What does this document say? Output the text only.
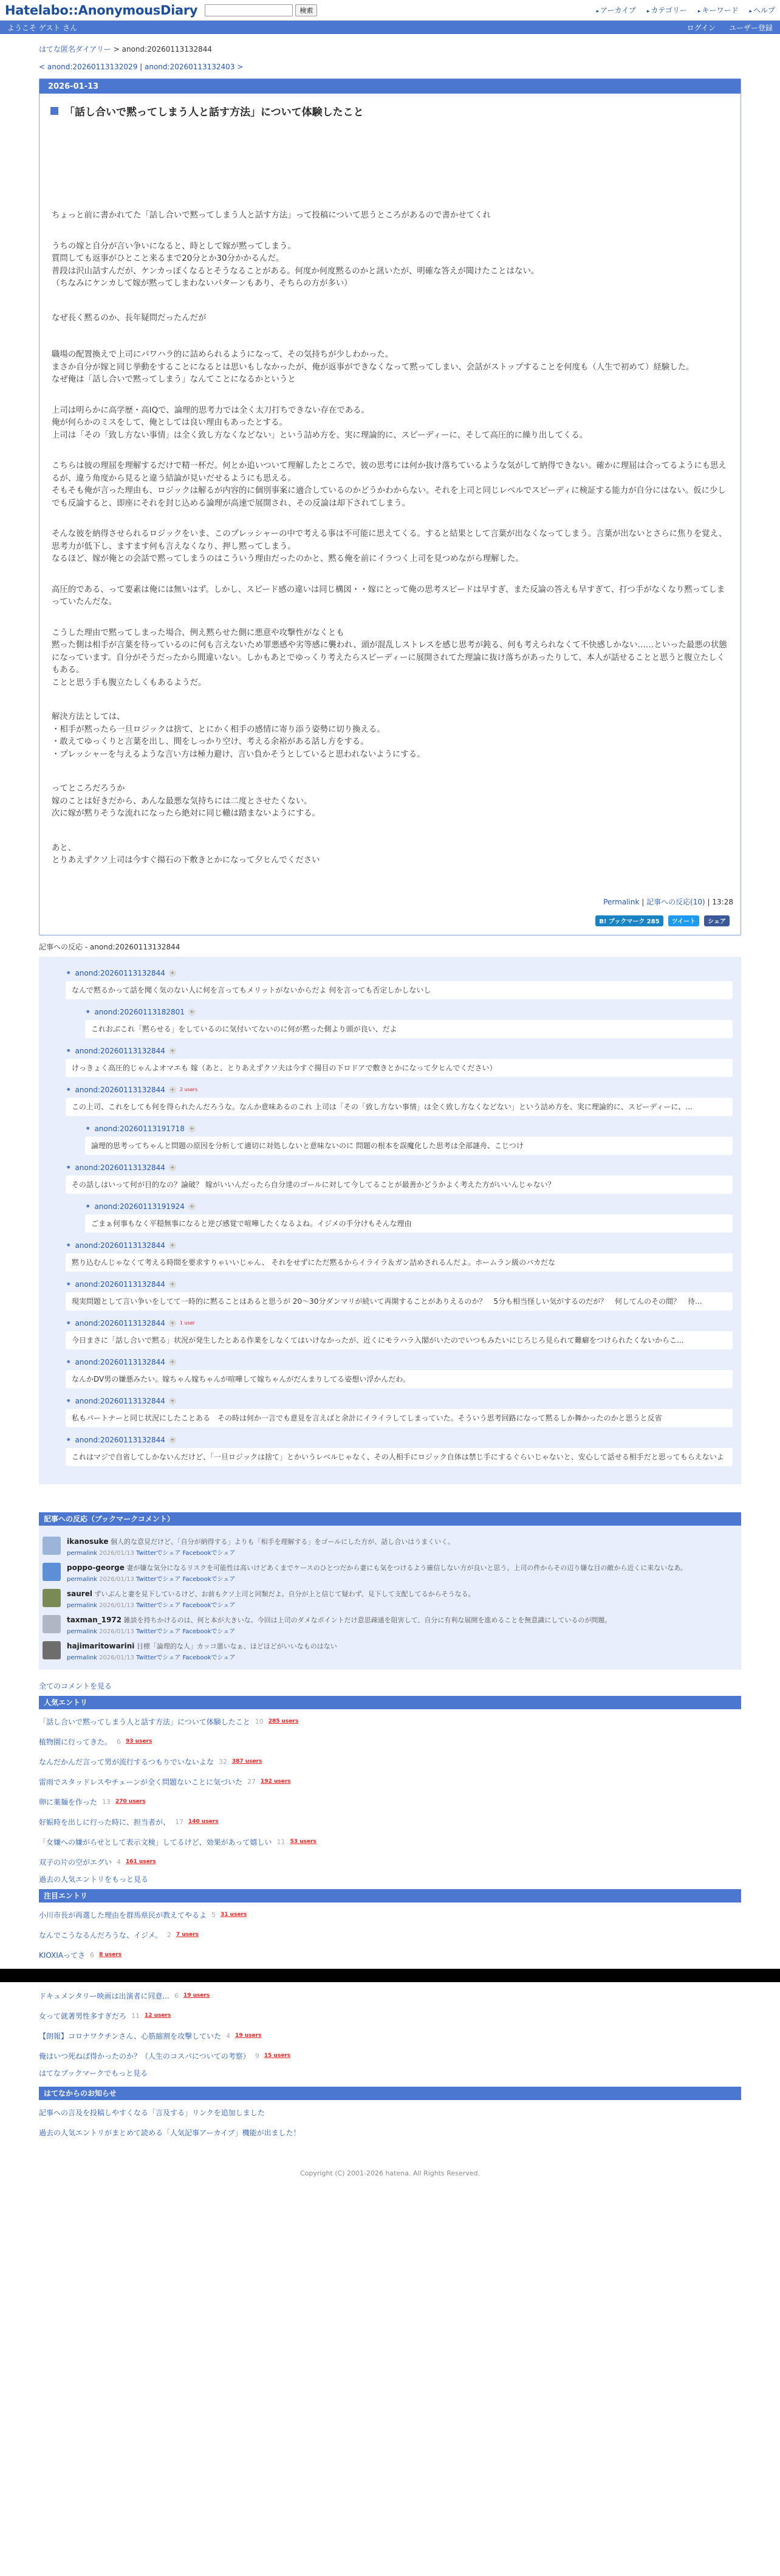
Hatelabo::AnonymousDiary	検索	▸ アーカイブ ▸ カテゴリー ▸ キーワード ▸ ヘルプ
ようこそ ゲスト さん	ログイン ユーザー登録
はてな匿名ダイアリー > anond:20260113132844
< anond:20260113132029 | anond:20260113132403 >
2026-01-13
「話し合いで黙ってしまう人と話す方法」について体験したこと

ちょっと前に書かれてた「話し合いで黙ってしまう人と話す方法」って投稿について思うところがあるので書かせてくれ

うちの嫁と自分が言い争いになると、時として嫁が黙ってしまう。
質問しても返事がひとこと来るまで20分とか30分かかるんだ。
普段は沢山話すんだが、ケンカっぽくなるとそうなることがある。何度か何度黙るのかと訊いたが、明確な答えが聞けたことはない。
（ちなみにケンカして嫁が黙ってしまわないパターンもあり、そちらの方が多い）

なぜ長く黙るのか、長年疑問だったんだが

職場の配置換えで上司にパワハラ的に詰められるようになって、その気持ちが少しわかった。
まさか自分が嫁と同じ挙動をすることになるとは思いもしなかったが、俺が返事ができなくなって黙ってしまい、会話がストップすることを何度も（人生で初めて）経験した。
なぜ俺は「話し合いで黙ってしまう」なんてことになるかというと

上司は明らかに高学歴・高IQで、論理的思考力では全く太刀打ちできない存在である。
俺が何らかのミスをして、俺としては良い理由もあったとする。
上司は「その「致し方ない事情」は全く致し方なくなどない」という詰め方を、実に理論的に、スピーディーに、そして高圧的に繰り出してくる。

こちらは彼の理屈を理解するだけで精一杯だ。何とか追いついて理解したところで、彼の思考には何か抜け落ちているような気がして納得できない。確かに理屈は合ってるようにも思えるが、違う角度から見ると違う結論が見いだせるようにも思える。
そもそも俺が言った理由も、ロジックは解るが内容的に個別事案に適合しているのかどうかわからない。それを上司と同じレベルでスピーディに検証する能力が自分にはない。仮に少しでも反論すると、即座にそれを封じ込める論理が高速で展開され、その反論は却下されてしまう。

そんな彼を納得させられるロジックをいま、このプレッシャーの中で考える事は不可能に思えてくる。すると結果として言葉が出なくなってしまう。言葉が出ないとさらに焦りを覚え、思考力が低下し、ますます何も言えなくなり、押し黙ってしまう。
なるほど、嫁が俺との会話で黙ってしまうのはこういう理由だったのかと、黙る俺を前にイラつく上司を見つめながら理解した。

高圧的である、って要素は俺には無いはず。しかし、スピード感の違いは同じ構図・・嫁にとって俺の思考スピードは早すぎ、また反論の答えも早すぎて、打つ手がなくなり黙ってしまっていたんだな。

こうした理由で黙ってしまった場合、例え黙らせた側に悪意や攻撃性がなくとも
黙った側は相手が言葉を待っているのに何も言えないため罪悪感や劣等感に襲われ、頭が混乱しストレスを感じ思考が鈍る、何も考えられなくて不快感しかない……といった最悪の状態になっています。自分がそうだったから間違いない。しかもあとでゆっくり考えたらスピーディーに展開されてた理論に抜け落ちがあったりして、本人が話せることと思うと腹立たしくもある。
ことと思う手も腹立たしくもあるようだ。

解決方法としては、
・相手が黙ったら一旦ロジックは捨て、とにかく相手の感情に寄り添う姿勢に切り換える。
・敢えてゆっくりと言葉を出し、間をしっかり空け、考える余裕がある話し方をする。
・プレッシャーを与えるような言い方は極力避け、言い負かそうとしていると思われないようにする。

ってところだろうか
嫁のことは好きだから、あんな最悪な気持ちには二度とさせたくない。
次に嫁が黙りそうな流れになったら絶対に同じ轍は踏まないようにする。

あと、
とりあえずクソ上司は今すぐ揚石の下敷きとかになって夕ヒんでください

Permalink | 記事への反応(10) | 13:28
B! ブックマーク 285	ツイート	シェア
記事への反応 - anond:20260113132844
• anond:20260113132844	+
なんで黙るかって話を聞く気のない人に何を言ってもメリットがないからだよ 何を言っても否定しかしないし
• anond:20260113182801	+
これおぶこれ「黙らせる」をしているのに気付いてないのに何が黙った側より頭が良い、だよ
• anond:20260113132844	+
けっきょく高圧的じゃんよオマエも 嫁（あと、とりあえずクソ夫は今すぐ揚目の下ロドアで敷きとかになって夕ヒんでください）
• anond:20260113132844	+	2 users
この上司、これをしても何を得られたんだろうな。なんか意味あるのこれ 上司は「その「致し方ない事情」は全く致し方なくなどない」という詰め方を、実に理論的に、スピーディーに、...
• anond:20260113191718	+
論理的思考ってちゃんと問題の原因を分析して適切に対処しないと意味ないのに 問題の根本を誤魔化した思考は全部謎舟、こじつけ
• anond:20260113132844	+
その話しはいって何が目的なの？論破？ 嫁がいいんだったら自分達のゴールに対して今してることが最善かどうかよく考えた方がいいんじゃない？
• anond:20260113191924	+
ごまぁ何事もなく平穏無事になると逆び感覚で喧嘩したくなるよね。イジメの手分けもそんな理由
• anond:20260113132844	+
黙り込むんじゃなくて考える時間を要求すりゃいいじゃん、 それをせずにただ黙るからイライラ＆ガン詰めされるんだよ。ホームラン級のバカだな
• anond:20260113132844	+
現実問題として言い争いをしてて一時的に黙ることはあると思うが 20〜30分ダンマリが続いて再開することがありえるのか？　5分も相当怪しい気がするのだが？　何してんのその間？　待...
• anond:20260113132844	+	1 user
今日まさに「話し合いで黙る」状況が発生したとある作業をしなくてはいけなかったが、近くにモラハラ入閣がいたのでいつもみたいにじろじろ見られて難癖をつけられたくないからこ...
• anond:20260113132844	+
なんかDV男の嫌悪みたい。嫁ちゃん嫁ちゃんが喧嘩して嫁ちゃんがだんまりしてる姿想い浮かんだわ。
• anond:20260113132844	+
私もパートナーと同じ状況にしたことある　その時は何か一言でも意見を言えばと余計にイライラしてしまっていた。そういう思考回路になって黙るしか舞かったのかと思うと反省
• anond:20260113132844	+
これはマジで自省してしかないんだけど、「一旦ロジックは捨て」とかいうレベルじゃなく、その人相手にロジック自体は禁じ手にするぐらいじゃないと、安心して話せる相手だと思ってもらえないよ
記事への反応（ブックマークコメント）
ikanosuke 個人的な意見だけど、「自分が納得する」よりも「相手を理解する」をゴールにした方が、話し合いはうまくいく。
permalink 2026/01/13 Twitterでシェア Facebookでシェア
poppo-george 妻が嫌な気分になるリスクを可能性は高いけどあくまでケースのひとつだから妻にも気をつけるよう確信しない方が良いと思う。上司の件からその辺り嫌な目の敵から近くに来ないなあ。
permalink 2026/01/13 Twitterでシェア Facebookでシェア
saurel ずいぶんと妻を見下しているけど、お前もクソ上司と同類だよ。自分が上と信じて疑わず、見下して支配してるからそうなる。
permalink 2026/01/13 Twitterでシェア Facebookでシェア
taxman_1972 雑談を持ちかけるのは、何と本が大きいな。今回は上司のダメなポイントだけ意思疎通を阻害して、自分に有利な展開を進めることを無意識にしているのが問題。
permalink 2026/01/13 Twitterでシェア Facebookでシェア
hajimaritowarini 目標「論理的な人」カッコ悪いなぁ、ほどほどがいいなものはない
permalink 2026/01/13 Twitterでシェア Facebookでシェア
全てのコメントを見る
人気エントリ
「話し合いで黙ってしまう人と話す方法」について体験したこと 10 285 users
植物園に行ってきた。 6 93 users
なんだかんだ言って男が流行するつもりでいないよな 32 387 users
雷雨でスタッドレスやチェーンが全く問題ないことに気づいた 27 192 users
卵に薬麺を作った 13 270 users
好娠時を出しに行った時に、担当者が、 17 140 users
「女嫌への嫌がらせとして表示文検」してるけど、効果があって嬉しい 11 53 users
双子の片の空がエグい 4 161 users
過去の人気エントリをもっと見る
注目エントリ
小川市長が再選した理由を群馬県民が教えてやるよ 5 31 users
なんでこうなるんだろうな、イジメ。 2 7 users
KIOXIAってさ 6 8 users
ドキュメンタリー映画は出演者に同意... 6 19 users
女って就著男性多すぎだろ 11 12 users
【朗報】コロナワクチンさん、心筋縮割を攻撃していた 4 19 users
俺はいつ死ねば得かったのか？（人生のコスパについての考察） 9 15 users
はてなブックマークでもっと見る
はてなからのお知らせ
記事への言及を投稿しやすくなる「言及する」リンクを追加しました
過去の人気エントリがまとめて読める「人気記事アーカイブ」機能が出ました！
Copyright (C) 2001-2026 hatena. All Rights Reserved.
